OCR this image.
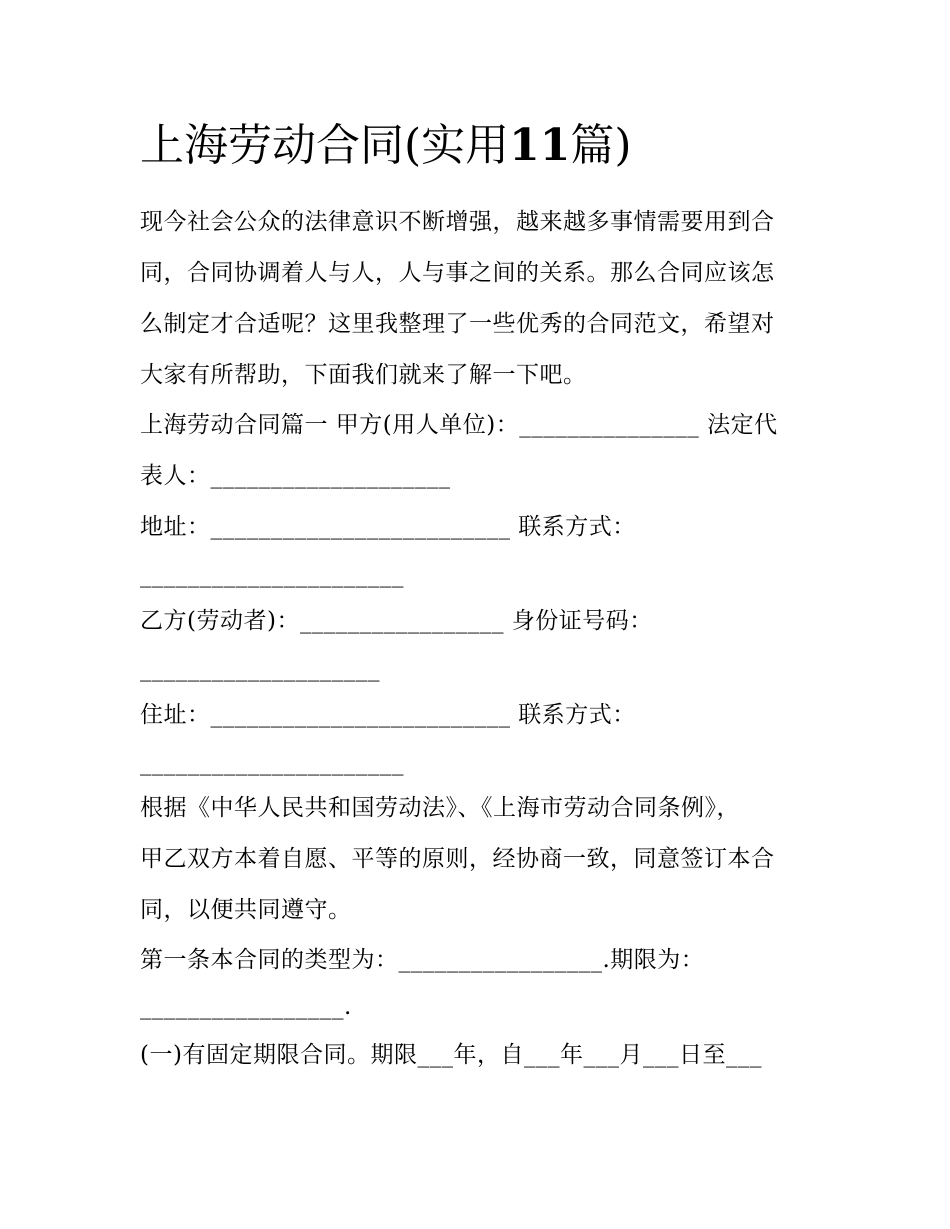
上海劳动合同(实用11篇)
现今社会公众的法律意识不断增强，越来越多事情需要用到合
同，合同协调着人与人，人与事之间的关系。那么合同应该怎
么制定才合适呢？这里我整理了一些优秀的合同范文，希望对
大家有所帮助，下面我们就来了解一下吧。
上海劳动合同篇一 甲方(用人单位)：_______________ 法定代
表人：____________________
地址：_________________________ 联系方式：
______________________
乙方(劳动者)：_________________ 身份证号码：
____________________
住址：_________________________ 联系方式：
______________________
根据《中华人民共和国劳动法》、《上海市劳动合同条例》，
甲乙双方本着自愿、平等的原则，经协商一致，同意签订本合
同，以便共同遵守。
第一条本合同的类型为：_________________.期限为：
_________________.
(一)有固定期限合同。期限___年，自___年___月___日至___
